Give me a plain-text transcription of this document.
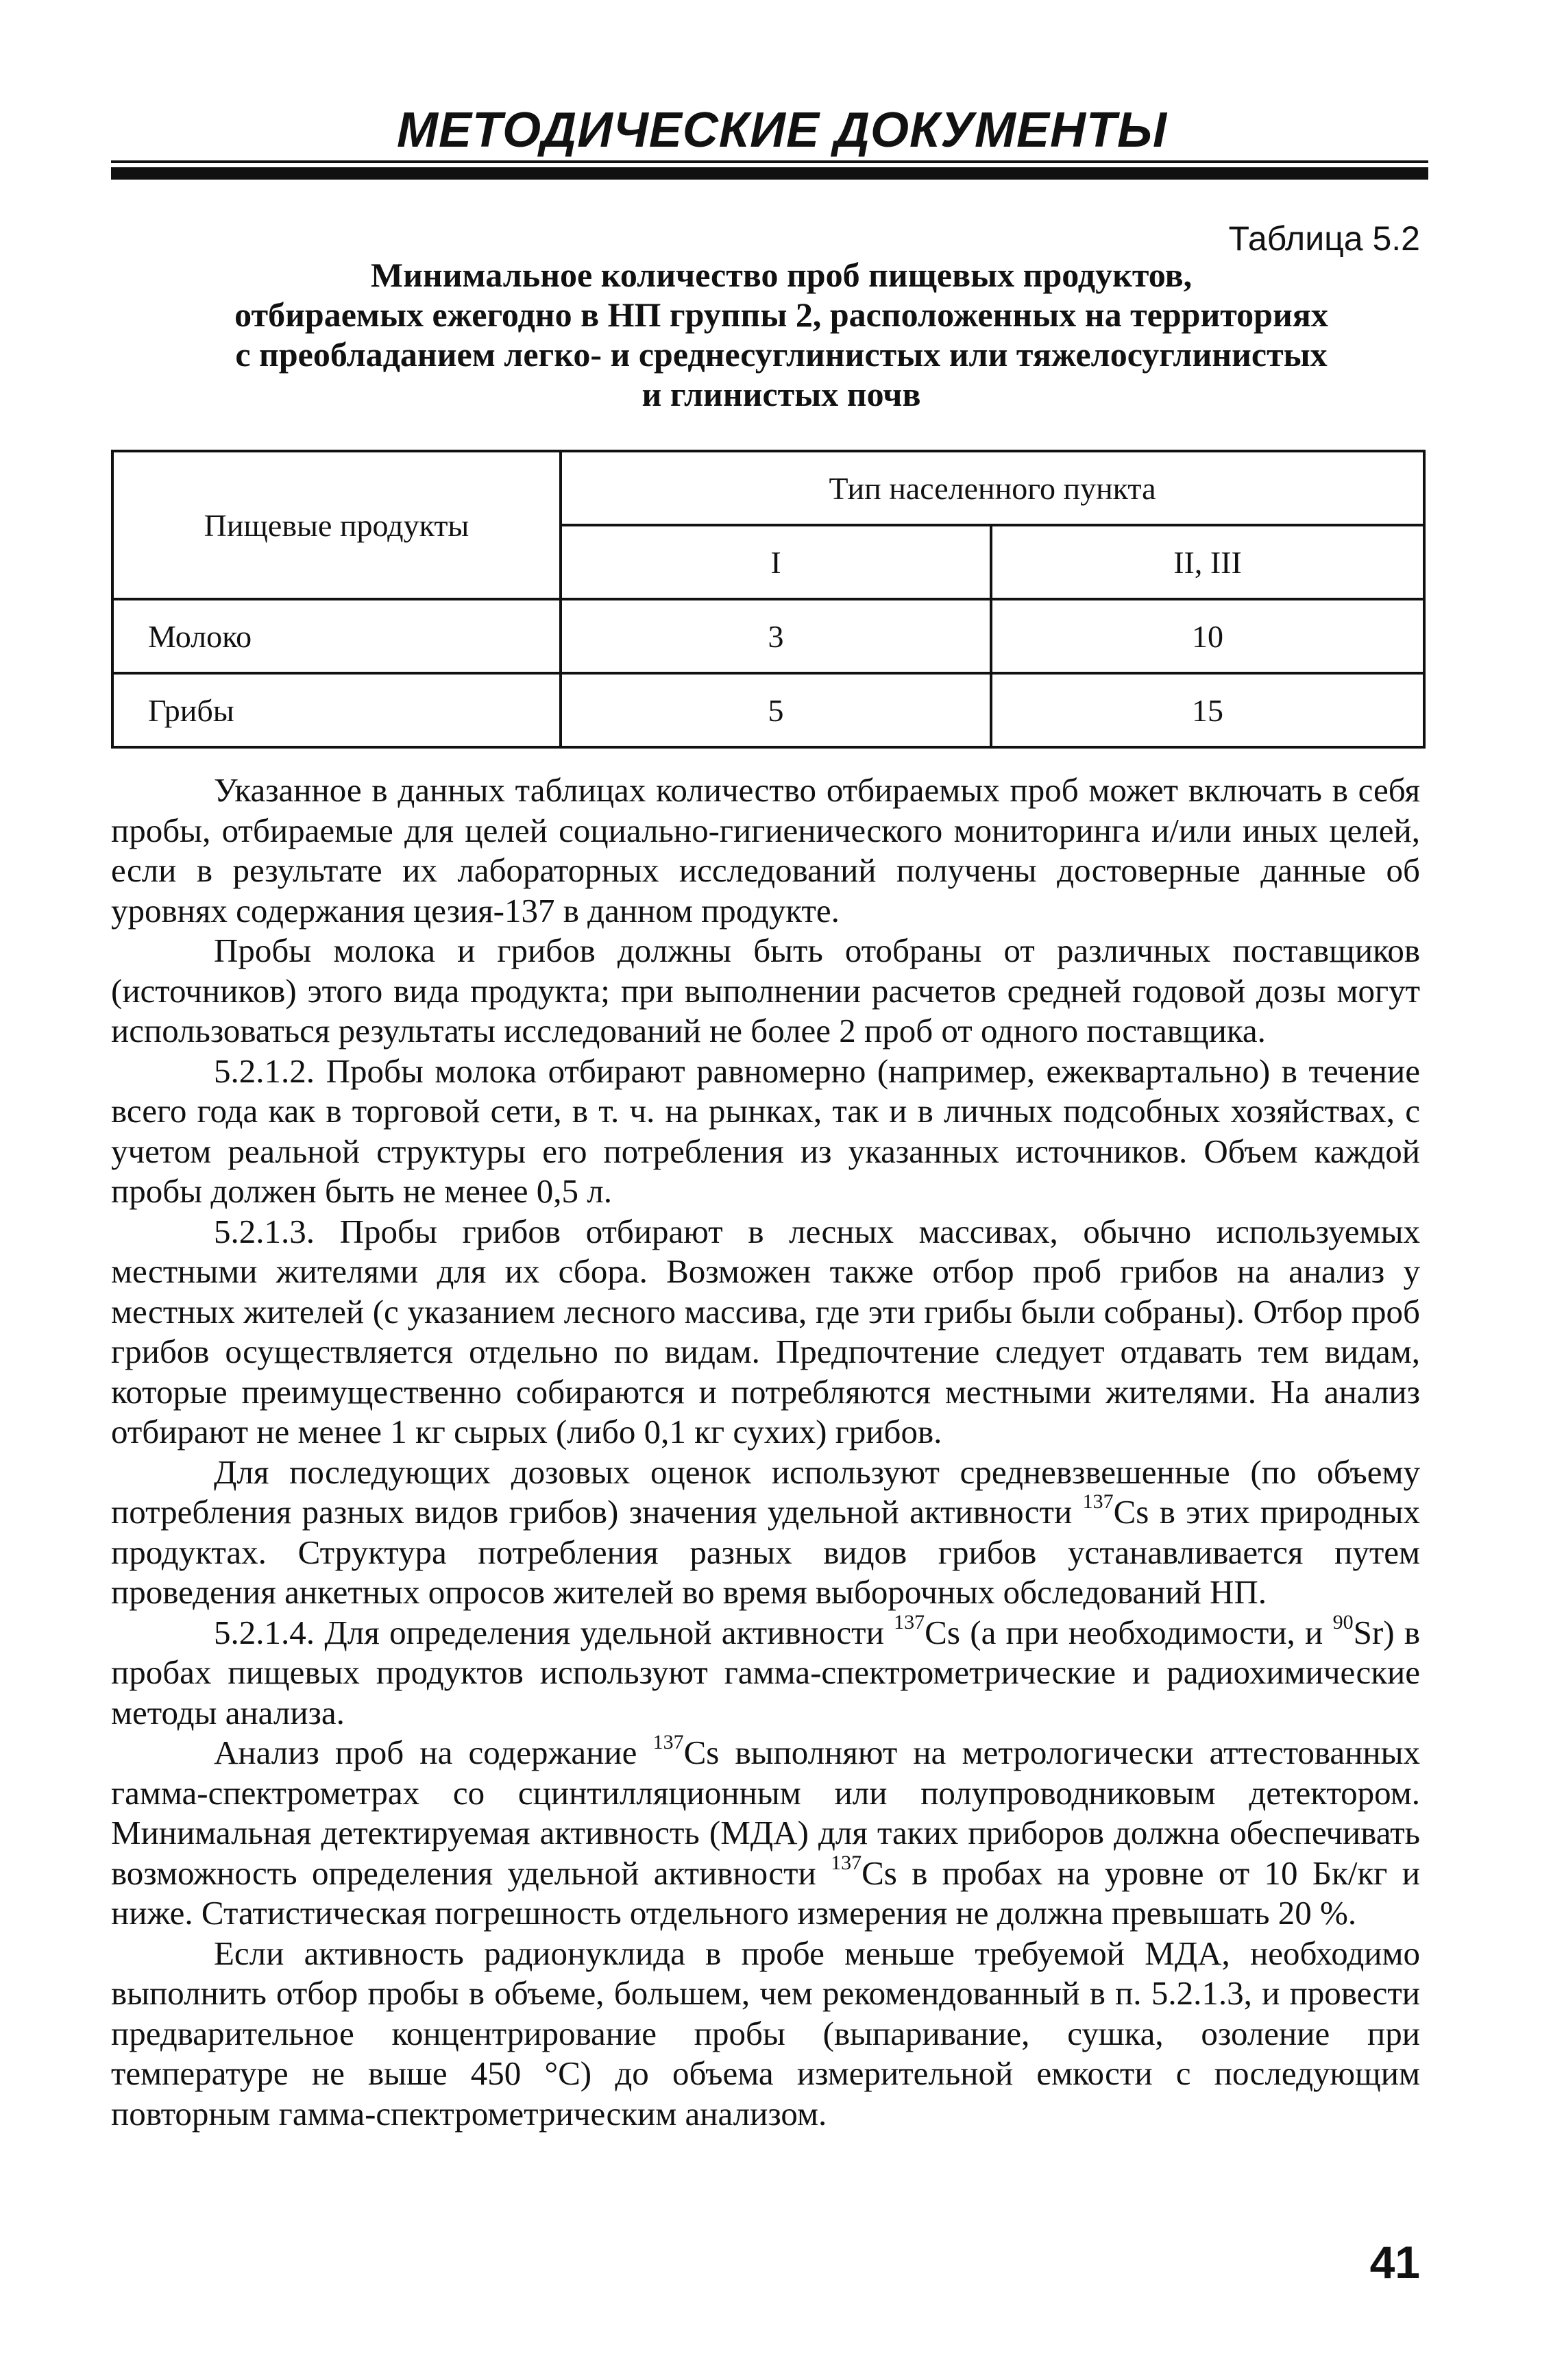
МЕТОДИЧЕСКИЕ ДОКУМЕНТЫ
Таблица 5.2
Минимальное количество проб пищевых продуктов,
отбираемых ежегодно в НП группы 2, расположенных на территориях
с преобладанием легко- и среднесуглинистых или тяжелосуглинистых
и глинистых почв
Пищевые продукты	Тип населенного пункта	
	I	II, III
Молоко	3	10
Грибы	5	15

Указанное в данных таблицах количество отбираемых проб может включать в себя пробы, отбираемые для целей социально-гигиенического мониторинга и/или иных целей, если в результате их лабораторных исследований получены достоверные данные об уровнях содержания цезия-137 в данном продукте.

Пробы молока и грибов должны быть отобраны от различных поставщиков (источников) этого вида продукта; при выполнении расчетов средней годовой дозы могут использоваться результаты исследований не более 2 проб от одного поставщика.

5.2.1.2. Пробы молока отбирают равномерно (например, ежеквартально) в течение всего года как в торговой сети, в т. ч. на рынках, так и в личных подсобных хозяйствах, с учетом реальной структуры его потребления из указанных источников. Объем каждой пробы должен быть не менее 0,5 л.

5.2.1.3. Пробы грибов отбирают в лесных массивах, обычно используемых местными жителями для их сбора. Возможен также отбор проб грибов на анализ у местных жителей (с указанием лесного массива, где эти грибы были собраны). Отбор проб грибов осуществляется отдельно по видам. Предпочтение следует отдавать тем видам, которые преимущественно собираются и потребляются местными жителями. На анализ отбирают не менее 1 кг сырых (либо 0,1 кг сухих) грибов.

Для последующих дозовых оценок используют средневзвешенные (по объему потребления разных видов грибов) значения удельной активности $^{137}$Cs в этих природных продуктах. Структура потребления разных видов грибов устанавливается путем проведения анкетных опросов жителей во время выборочных обследований НП.

5.2.1.4. Для определения удельной активности $^{137}$Cs (а при необходимости, и $^{90}$Sr) в пробах пищевых продуктов используют гамма-спектрометрические и радиохимические методы анализа.

Анализ проб на содержание $^{137}$Cs выполняют на метрологически аттестованных гамма-спектрометрах со сцинтилляционным или полупроводниковым детектором. Минимальная детектируемая активность (МДА) для таких приборов должна обеспечивать возможность определения удельной активности $^{137}$Cs в пробах на уровне от 10 Бк/кг и ниже. Статистическая погрешность отдельного измерения не должна превышать 20 %.

Если активность радионуклида в пробе меньше требуемой МДА, необходимо выполнить отбор пробы в объеме, большем, чем рекомендованный в п. 5.2.1.3, и провести предварительное концентрирование пробы (выпаривание, сушка, озоление при температуре не выше 450 °С) до объема измерительной емкости с последующим повторным гамма-спектрометрическим анализом.

41
